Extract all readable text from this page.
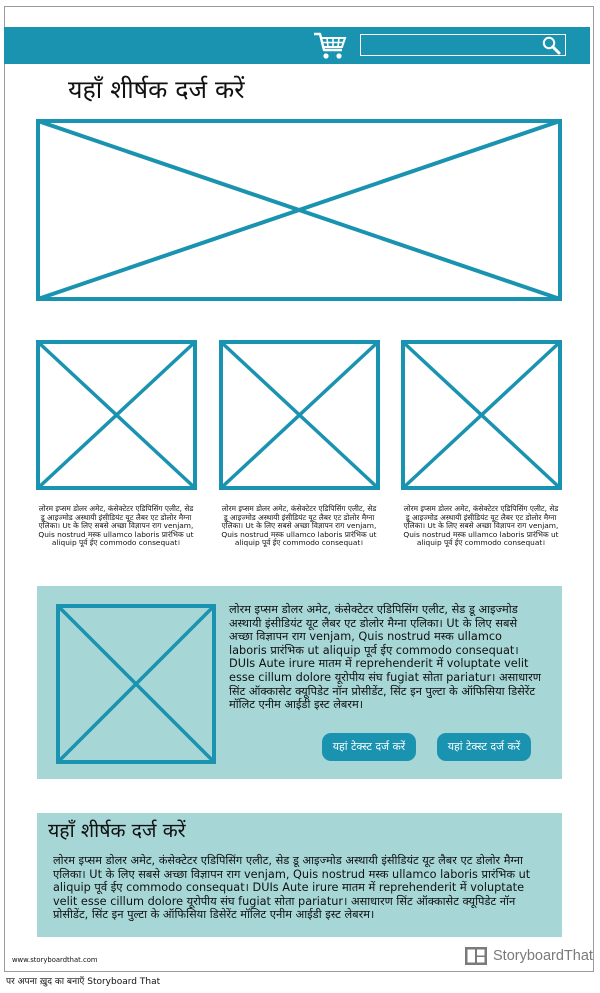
यहाँ शीर्षक दर्ज करें
लोरम इप्सम डोलर अमेट, कंसेक्टेटर एडिपिसिंग एलीट, सेड डू आइज्मोड अस्थायी इंसीडियंट यूट लैबर एट डोलोर मैग्ना एलिका। Ut के लिए सबसे अच्छा विज्ञापन राग venjam, Quis nostrud मस्क ullamco laboris प्रारंभिक ut aliquip पूर्व ईए commodo consequat।
लोरम इप्सम डोलर अमेट, कंसेक्टेटर एडिपिसिंग एलीट, सेड डू आइज्मोड अस्थायी इंसीडियंट यूट लैबर एट डोलोर मैग्ना एलिका। Ut के लिए सबसे अच्छा विज्ञापन राग venjam, Quis nostrud मस्क ullamco laboris प्रारंभिक ut aliquip पूर्व ईए commodo consequat।
लोरम इप्सम डोलर अमेट, कंसेक्टेटर एडिपिसिंग एलीट, सेड डू आइज्मोड अस्थायी इंसीडियंट यूट लैबर एट डोलोर मैग्ना एलिका। Ut के लिए सबसे अच्छा विज्ञापन राग venjam, Quis nostrud मस्क ullamco laboris प्रारंभिक ut aliquip पूर्व ईए commodo consequat।
लोरम इप्सम डोलर अमेट, कंसेक्टेटर एडिपिसिंग एलीट, सेड डू आइज्मोड अस्थायी इंसीडियंट यूट लैबर एट डोलोर मैग्ना एलिका। Ut के लिए सबसे अच्छा विज्ञापन राग venjam, Quis nostrud मस्क ullamco laboris प्रारंभिक ut aliquip पूर्व ईए commodo consequat। DUIs Aute irure मातम में reprehenderit में voluptate velit esse cillum dolore यूरोपीय संघ fugiat सोता pariatur। असाधारण सिंट ऑक्कासेट क्यूपिडेट नॉन प्रोसीडेंट, सिंट इन पुल्टा के ऑफिसिया डिसेरेंट मॉलिट एनीम आईडी इस्ट लेबरम।
यहां टेक्स्ट दर्ज करें	यहां टेक्स्ट दर्ज करें
लोरम इप्सम डोलर अमेट, कंसेक्टेटर एडिपिसिंग एलीट, सेड डू आइज्मोड अस्थायी इंसीडियंट यूट लैबर एट डोलोर मैग्ना एलिका। Ut के लिए सबसे अच्छा विज्ञापन राग venjam, Quis nostrud मस्क ullamco laboris प्रारंभिक ut aliquip पूर्व ईए commodo consequat। DUIs Aute irure मातम में reprehenderit में voluptate velit esse cillum dolore यूरोपीय संघ fugiat सोता pariatur। असाधारण सिंट ऑक्कासेट क्यूपिडेट नॉन प्रोसीडेंट, सिंट इन पुल्टा के ऑफिसिया डिसेरेंट मॉलिट एनीम आईडी इस्ट लेबरम।
यहाँ शीर्षक दर्ज करें
www.storyboardthat.com	StoryboardThat
पर अपना ख़ुद का बनाएँ Storyboard That
